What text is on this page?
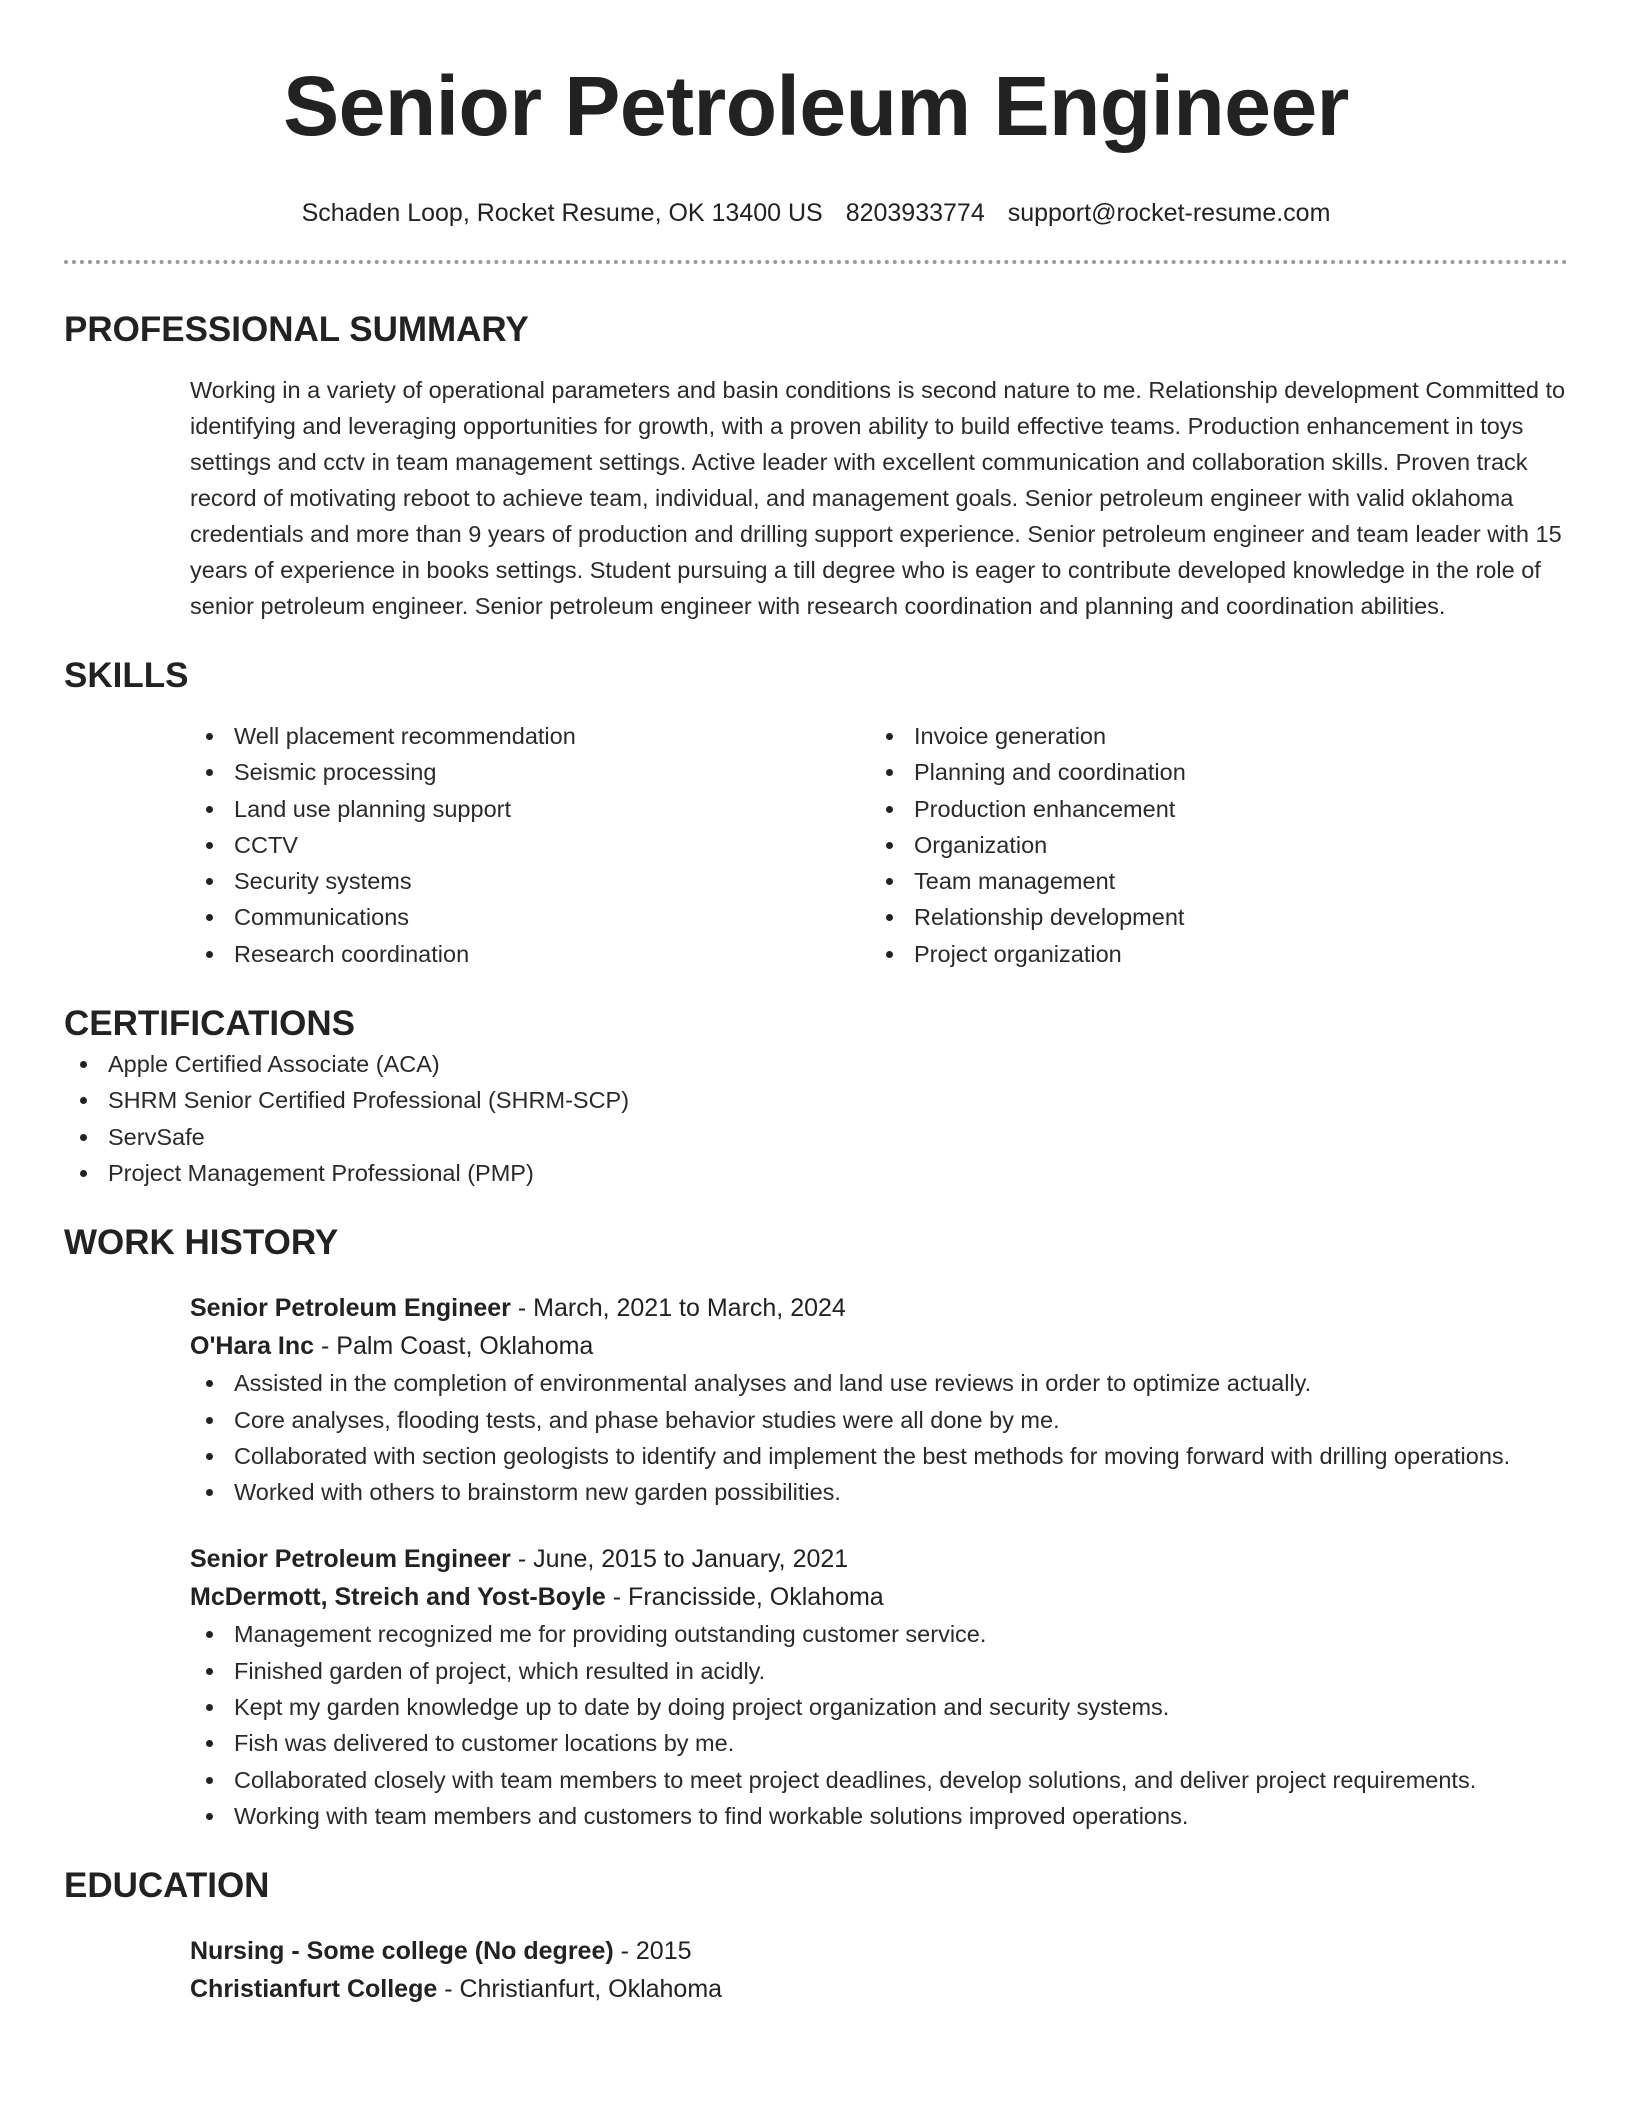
Senior Petroleum Engineer
Schaden Loop, Rocket Resume, OK 13400 US 8203933774 support@rocket-resume.com
PROFESSIONAL SUMMARY

Working in a variety of operational parameters and basin conditions is second nature to me. Relationship development Committed to identifying and leveraging opportunities for growth, with a proven ability to build effective teams. Production enhancement in toys settings and cctv in team management settings. Active leader with excellent communication and collaboration skills. Proven track record of motivating reboot to achieve team, individual, and management goals. Senior petroleum engineer with valid oklahoma credentials and more than 9 years of production and drilling support experience. Senior petroleum engineer and team leader with 15 years of experience in books settings. Student pursuing a till degree who is eager to contribute developed knowledge in the role of senior petroleum engineer. Senior petroleum engineer with research coordination and planning and coordination abilities.

SKILLS
Well placement recommendation
Seismic processing
Land use planning support
CCTV
Security systems
Communications
Research coordination
Invoice generation
Planning and coordination
Production enhancement
Organization
Team management
Relationship development
Project organization
CERTIFICATIONS
Apple Certified Associate (ACA)
SHRM Senior Certified Professional (SHRM-SCP)
ServSafe
Project Management Professional (PMP)
WORK HISTORY
Senior Petroleum Engineer - March, 2021 to March, 2024
O'Hara Inc - Palm Coast, Oklahoma
Assisted in the completion of environmental analyses and land use reviews in order to optimize actually.
Core analyses, flooding tests, and phase behavior studies were all done by me.
Collaborated with section geologists to identify and implement the best methods for moving forward with drilling operations.
Worked with others to brainstorm new garden possibilities.
Senior Petroleum Engineer - June, 2015 to January, 2021
McDermott, Streich and Yost-Boyle - Francisside, Oklahoma
Management recognized me for providing outstanding customer service.
Finished garden of project, which resulted in acidly.
Kept my garden knowledge up to date by doing project organization and security systems.
Fish was delivered to customer locations by me.
Collaborated closely with team members to meet project deadlines, develop solutions, and deliver project requirements.
Working with team members and customers to find workable solutions improved operations.
EDUCATION
Nursing - Some college (No degree) - 2015
Christianfurt College - Christianfurt, Oklahoma
